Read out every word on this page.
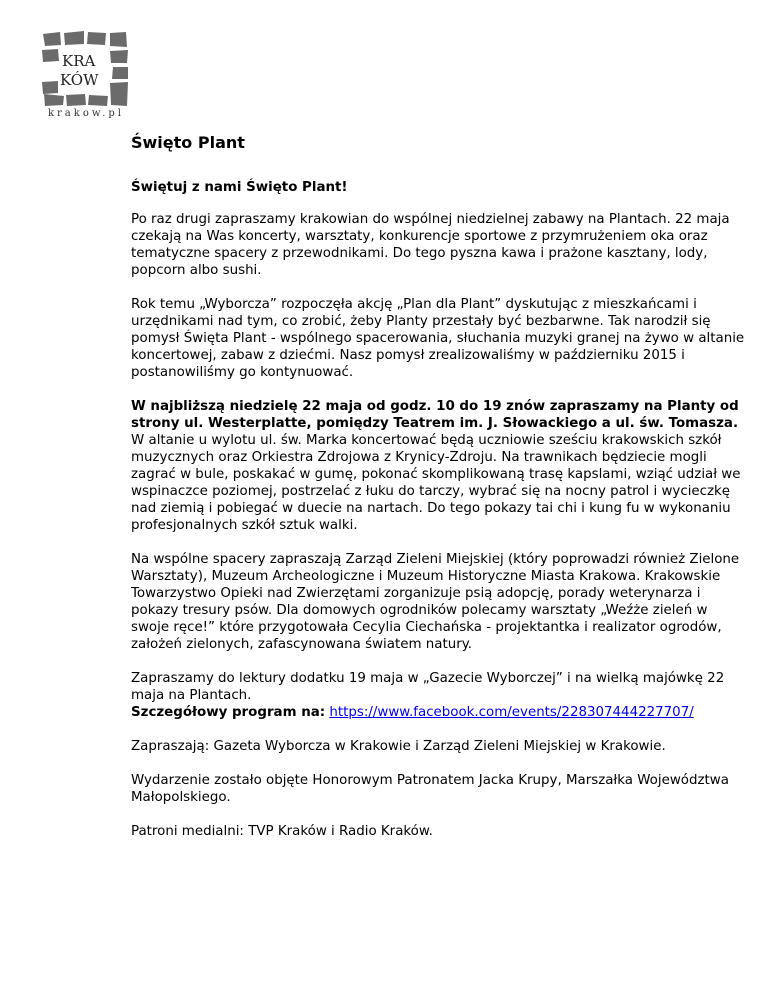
KRA
KÓW
krakow.pl
Święto Plant
Świętuj z nami Święto Plant!

Po raz drugi zapraszamy krakowian do wspólnej niedzielnej zabawy na Plantach. 22 maja czekają na Was koncerty, warsztaty, konkurencje sportowe z przymrużeniem oka oraz tematyczne spacery z przewodnikami. Do tego pyszna kawa i prażone kasztany, lody, popcorn albo sushi.

Rok temu „Wyborcza” rozpoczęła akcję „Plan dla Plant” dyskutując z mieszkańcami i urzędnikami nad tym, co zrobić, żeby Planty przestały być bezbarwne. Tak narodził się pomysł Święta Plant - wspólnego spacerowania, słuchania muzyki granej na żywo w altanie koncertowej, zabaw z dziećmi. Nasz pomysł zrealizowaliśmy w październiku 2015 i postanowiliśmy go kontynuować.

W najbliższą niedzielę 22 maja od godz. 10 do 19 znów zapraszamy na Planty od strony ul. Westerplatte, pomiędzy Teatrem im. J. Słowackiego a ul. św. Tomasza. W altanie u wylotu ul. św. Marka koncertować będą uczniowie sześciu krakowskich szkół muzycznych oraz Orkiestra Zdrojowa z Krynicy-Zdroju. Na trawnikach będziecie mogli zagrać w bule, poskakać w gumę, pokonać skomplikowaną trasę kapslami, wziąć udział we wspinaczce poziomej, postrzelać z łuku do tarczy, wybrać się na nocny patrol i wycieczkę nad ziemią i pobiegać w duecie na nartach. Do tego pokazy tai chi i kung fu w wykonaniu profesjonalnych szkół sztuk walki.

Na wspólne spacery zapraszają Zarząd Zieleni Miejskiej (który poprowadzi również Zielone Warsztaty), Muzeum Archeologiczne i Muzeum Historyczne Miasta Krakowa. Krakowskie Towarzystwo Opieki nad Zwierzętami zorganizuje psią adopcję, porady weterynarza i pokazy tresury psów. Dla domowych ogrodników polecamy warsztaty „Weźże zieleń w swoje ręce!” które przygotowała Cecylia Ciechańska - projektantka i realizator ogrodów, założeń zielonych, zafascynowana światem natury.

Zapraszamy do lektury dodatku 19 maja w „Gazecie Wyborczej” i na wielką majówkę 22 maja na Plantach.
Szczegółowy program na: https://www.facebook.com/events/228307444227707/

Zapraszają: Gazeta Wyborcza w Krakowie i Zarząd Zieleni Miejskiej w Krakowie.

Wydarzenie zostało objęte Honorowym Patronatem Jacka Krupy, Marszałka Województwa Małopolskiego.

Patroni medialni: TVP Kraków i Radio Kraków.
